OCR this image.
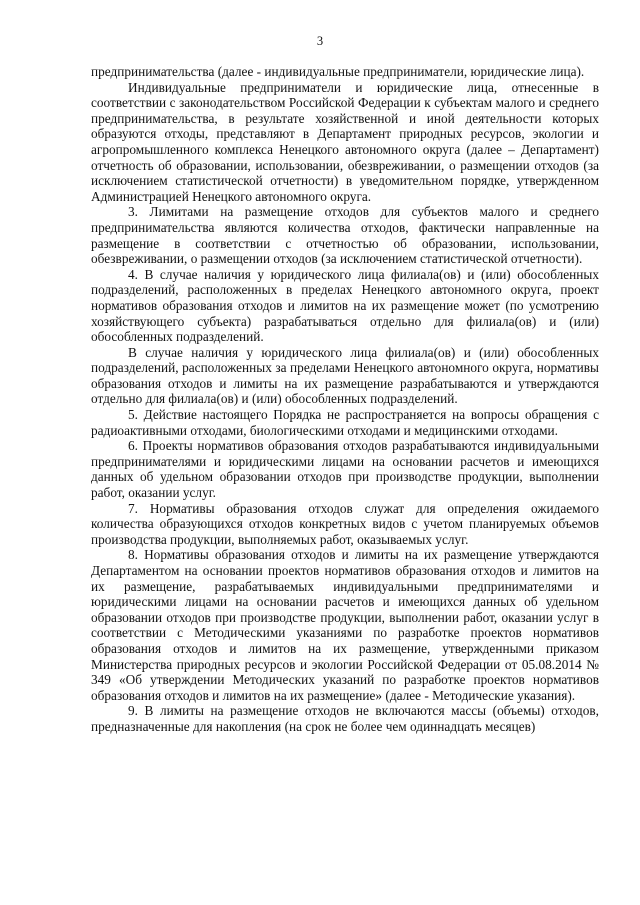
3

предпринимательства (далее - индивидуальные предприниматели, юридические лица).

Индивидуальные предприниматели и юридические лица, отнесенные в соответствии с законодательством Российской Федерации к субъектам малого и среднего предпринимательства, в результате хозяйственной и иной деятельности которых образуются отходы, представляют в Департамент природных ресурсов, экологии и агропромышленного комплекса Ненецкого автономного округа (далее – Департамент) отчетность об образовании, использовании, обезвреживании, о размещении отходов (за исключением статистической отчетности) в уведомительном порядке, утвержденном Администрацией Ненецкого автономного округа.

3. Лимитами на размещение отходов для субъектов малого и среднего предпринимательства являются количества отходов, фактически направленные на размещение в соответствии с отчетностью об образовании, использовании, обезвреживании, о размещении отходов (за исключением статистической отчетности).

4. В случае наличия у юридического лица филиала(ов) и (или) обособленных подразделений, расположенных в пределах Ненецкого автономного округа, проект нормативов образования отходов и лимитов на их размещение может (по усмотрению хозяйствующего субъекта) разрабатываться отдельно для филиала(ов) и (или) обособленных подразделений.

В случае наличия у юридического лица филиала(ов) и (или) обособленных подразделений, расположенных за пределами Ненецкого автономного округа, нормативы образования отходов и лимиты на их размещение разрабатываются и утверждаются отдельно для филиала(ов) и (или) обособленных подразделений.

5. Действие настоящего Порядка не распространяется на вопросы обращения с радиоактивными отходами, биологическими отходами и медицинскими отходами.

6. Проекты нормативов образования отходов разрабатываются индивидуальными предпринимателями и юридическими лицами на основании расчетов и имеющихся данных об удельном образовании отходов при производстве продукции, выполнении работ, оказании услуг.

7. Нормативы образования отходов служат для определения ожидаемого количества образующихся отходов конкретных видов с учетом планируемых объемов производства продукции, выполняемых работ, оказываемых услуг.

8. Нормативы образования отходов и лимиты на их размещение утверждаются Департаментом на основании проектов нормативов образования отходов и лимитов на их размещение, разрабатываемых индивидуальными предпринимателями и юридическими лицами на основании расчетов и имеющихся данных об удельном образовании отходов при производстве продукции, выполнении работ, оказании услуг в соответствии с Методическими указаниями по разработке проектов нормативов образования отходов и лимитов на их размещение, утвержденными приказом Министерства природных ресурсов и экологии Российской Федерации от 05.08.2014 № 349 «Об утверждении Методических указаний по разработке проектов нормативов образования отходов и лимитов на их размещение» (далее - Методические указания).

9. В лимиты на размещение отходов не включаются массы (объемы) отходов, предназначенные для накопления (на срок не более чем одиннадцать месяцев)
